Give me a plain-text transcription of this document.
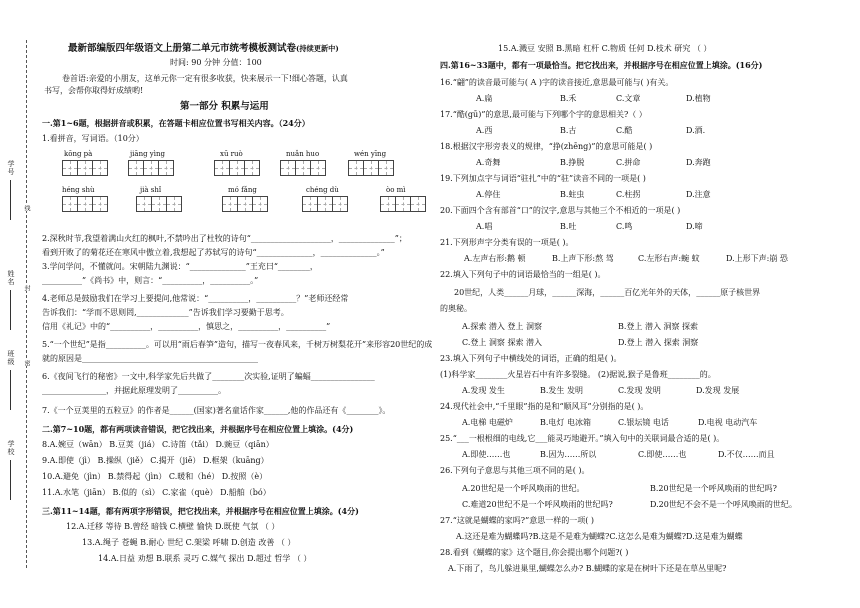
学号
姓名
班级
学校
线
封
密
最新部编版四年级语文上册第二单元市统考模板测试卷(持续更新中)
时间: 90 分钟 分值：100
卷首语:亲爱的小朋友，这单元你一定有很多收获，快来展示一下!细心答题，认真
书写，会帮你取得好成绩哟!
第一部分 积累与运用
一.第1~6题，根据拼音或积累，在答题卡相应位置书写相关内容。（24分）
1.看拼音，写词语。（10分）
kōng pà	jiāng yìng	xū ruò	nuǎn huo	wén yīng
héng shù	jià shǐ	mó fǎng	chéng dù	òo mì
2.深秋时节,我望着满山火红的枫叶,不禁吟出了杜牧的诗句“____________________，______________”；
看到开败了的菊花还在寒风中傲立着,我想起了苏轼写的诗句“______________，______________。”
3.学问学问，不懂就问。宋朝陆九渊说：“______________”王充曰“________，
__________”《尚书》中，则言：“__________，__________。”
4.老师总是鼓励我们在学习上要提问,他常说：“__________，__________？”老师还经常
告诉我们：“学而不思则罔,_____________”告诉我们学习要勤于思考。
信用《礼记》中的“__________，__________，慎思之，__________，__________”
5.“一个世纪”是指__________。可以用“雨后春笋”造句，描写一夜春风来，千树万树梨花开”来形容20世纪的成
就的原因是____________________________________________
6.《夜间飞行的秘密》一文中,科学家先后共做了________次实验,证明了蝙蝠________________
________________，并据此原理发明了__________。
7.《一个豆荚里的五粒豆》的作者是______(国家)著名童话作家______,他的作品还有《________》。
二.第7~10题，都有两项读音错误，把它找出来，并根据序号在相应位置上填涂。(4分)
8.A.婉豆（wān） B.豆荚（jiá） C.诗笛（tǎi） D.豌豆（qiān）
9.A.即使（jì） B.操纵（jiě） C.揭开（jiē） D.框架（kuāng）
10.A.避免（jìn） B.禁得起（jìn） C.暖和（hé） D.按照（è）
11.A.水笔（jiān） B.似的（sì） C.家雀（què） D.船舶（bó）
三.第11~14题，都有两项字形错误，把它找出来，并根据序号在相应位置上填涂。(4分)
12.A.迁移 等待 B.曾经 暗钱 C.横壁 愉快 D.既使 气氛 （ ）
13.A.绳子 苍蝇 B.耐心 世纪 C.架梁 呼啸 D.创造 改善 （ ）
14.A.日益 劝想 B.联系 灵巧 C.媒气 探出 D.超过 哲学 （ ）
15.A.溅豆 安照 B.黑暗 杠杆 C.物质 任何 D.枝术 研究 （ ）
四.第16~33题中，都有一项最恰当。把它找出来，并根据序号在相应位置上填涂。(16分)
16.“翩”的读音最可能与( A )字的读音接近,意思最可能与( )有关。
A.扁	B.禾	C.文章	D.植物
17.“酷(gū)”的意思,最可能与下列哪个字的意思相关?（ ）
A.西	B.古	C.酷	D.酒.
18.根据汉字形旁表义的规律，“挣(zhēng)”的意思可能是( )
A.奇舞	B.挣脱	C.拼命	D.奔跑
19.下列加点字与词语“驻扎”中的“驻”读音不同的一项是( )
A.停住	B.蛀虫	C.柱拐	D.注意
20.下面四个含有部首“口”的汉字,意思与其他三个不相近的一项是( )
A.唱	B.吐	C.鸣	D.啼
21.下列形声字分类有误的一项是( )。
A.左声右形:鹅 顿	B.上声下形:熬 驾	C.左形右声:蜿 蚊	D.上形下声:崩 恐
22.填入下列句子中的词语最恰当的一组是( )。
20世纪，人类______月球，______深海，______百亿光年外的天体，______原子核世界
的奥秘。
A.探索 潜入 登上 洞察	B.登上 潜入 洞察 探索
C.登上 洞察 探索 潜入	D.登上 潜入 探索 洞察
23.填入下列句子中横线处的词语，正确的组是( )。
(1)科学家________火星岩石中有许多裂缝。 (2)据说,猴子是鲁班________的。
A.发现 发生	B.发生 发明	C.发现 发明	D.发现 发展
24.现代社会中,“千里眼”指的是和“顺风耳”分别指的是( )。
A.电梯 电磁炉	B.电灯 电冰箱	C.银坛镜 电话	D.电视 电动汽车
25.“___一根根细的电线,它___能灵巧地避开。”填入句中的关联词最合适的是( )。
A.即使……也	B.因为……所以	C.即使……也	D.不仅……而且
26.下列句子意思与其他三项不同的是( )。
A.20世纪是一个呼风唤雨的世纪。	B.20世纪是一个呼风唤雨的世纪吗?
C.难道20世纪不是一个呼风唤雨的世纪吗?	D.20世纪不会不是一个呼风唤雨的世纪。
27.“这就是蝴蝶的家吗?”意思一样的一项( )
A.这还是难为蝴蝶吗?B.这是不是难为蝴蝶?C.这怎么是难为蝴蝶?D.这是难为蝴蝶
28.看到《蝴蝶的家》这个题目,你会提出哪个问题?( )
A.下雨了，鸟儿躲进巢里,蝴蝶怎么办? B.蝴蝶的家是在树叶下还是在草丛里呢?
